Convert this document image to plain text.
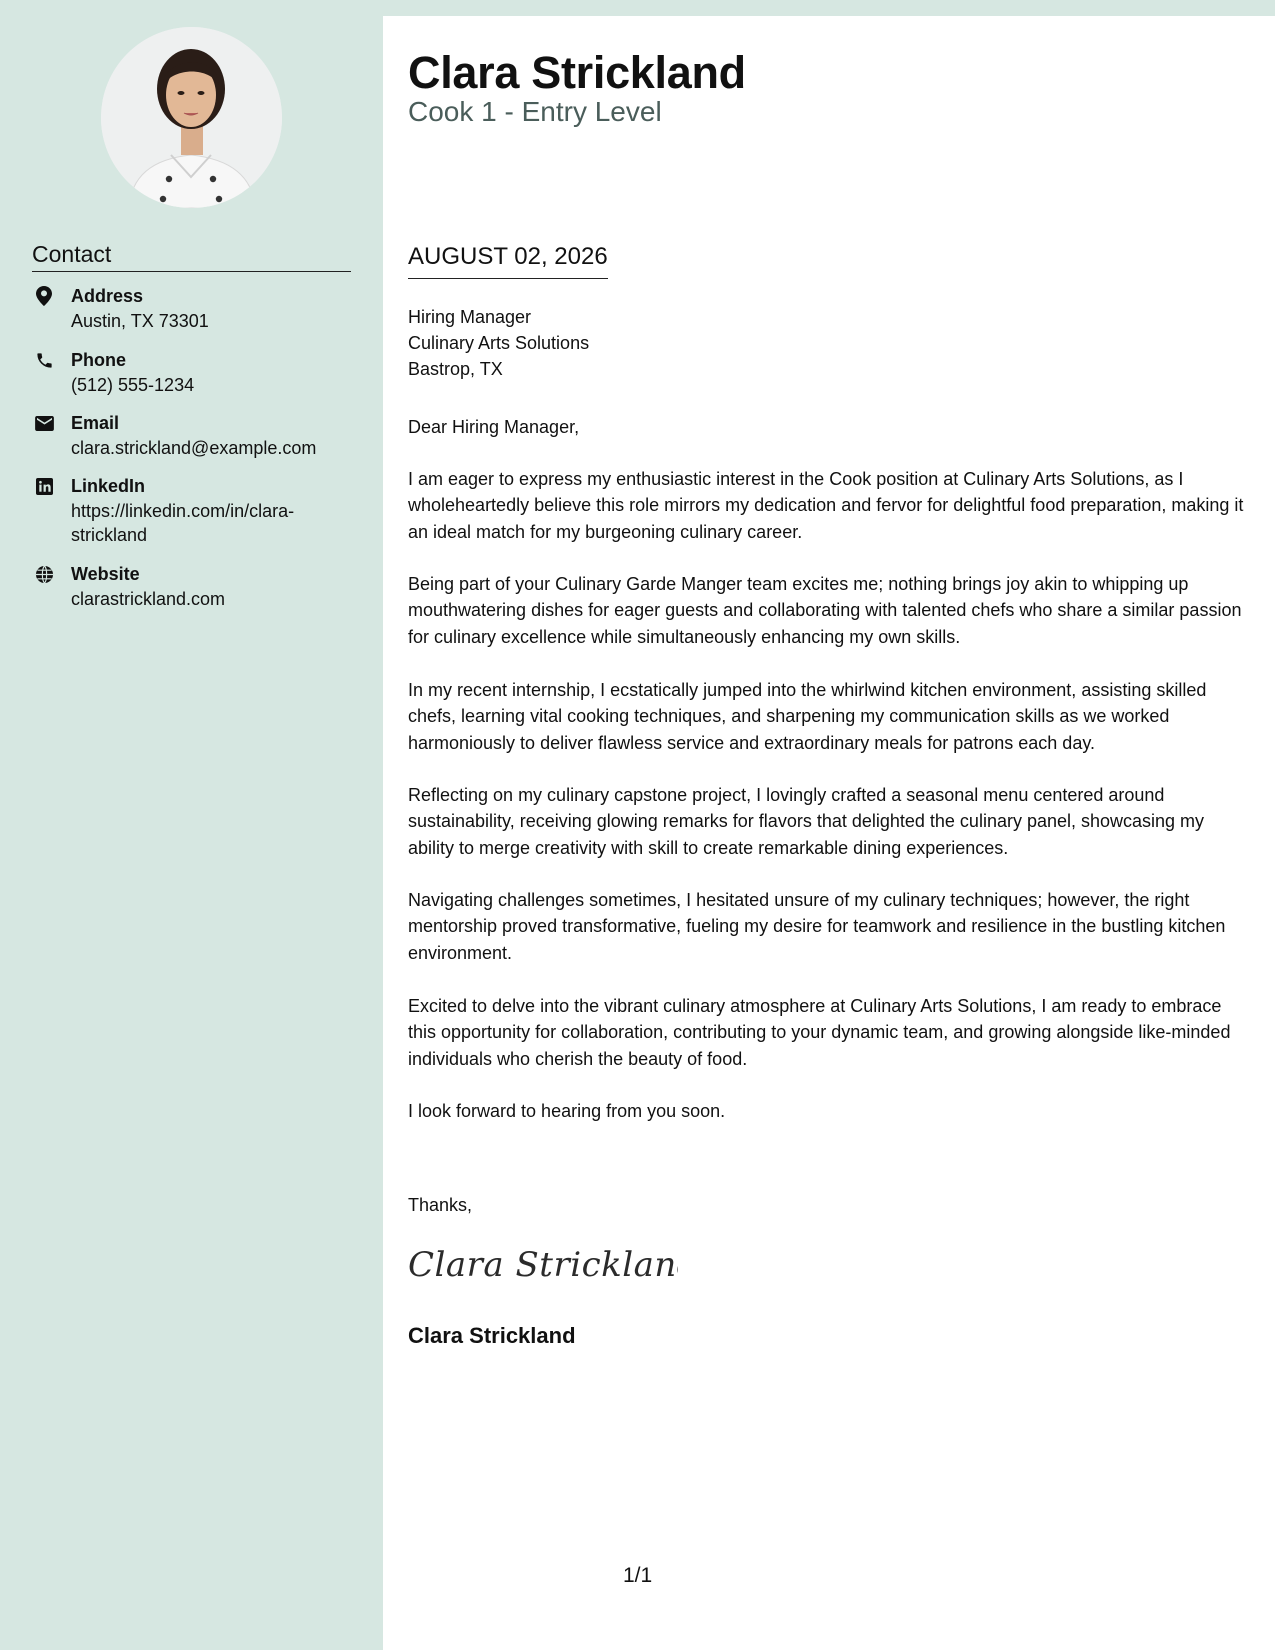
Contact
Address
Austin, TX 73301
Phone
(512) 555-1234
Email
clara.strickland@example.com
LinkedIn
https://linkedin.com/in/clara-strickland
Website
clarastrickland.com
Clara Strickland
Cook 1 - Entry Level
AUGUST 02, 2026
Hiring Manager
Culinary Arts Solutions
Bastrop, TX
Dear Hiring Manager,
I am eager to express my enthusiastic interest in the Cook position at Culinary Arts Solutions, as I wholeheartedly believe this role mirrors my dedication and fervor for delightful food preparation, making it an ideal match for my burgeoning culinary career.
Being part of your Culinary Garde Manger team excites me; nothing brings joy akin to whipping up mouthwatering dishes for eager guests and collaborating with talented chefs who share a similar passion for culinary excellence while simultaneously enhancing my own skills.
In my recent internship, I ecstatically jumped into the whirlwind kitchen environment, assisting skilled chefs, learning vital cooking techniques, and sharpening my communication skills as we worked harmoniously to deliver flawless service and extraordinary meals for patrons each day.
Reflecting on my culinary capstone project, I lovingly crafted a seasonal menu centered around sustainability, receiving glowing remarks for flavors that delighted the culinary panel, showcasing my ability to merge creativity with skill to create remarkable dining experiences.
Navigating challenges sometimes, I hesitated unsure of my culinary techniques; however, the right mentorship proved transformative, fueling my desire for teamwork and resilience in the bustling kitchen environment.
Excited to delve into the vibrant culinary atmosphere at Culinary Arts Solutions, I am ready to embrace this opportunity for collaboration, contributing to your dynamic team, and growing alongside like-minded individuals who cherish the beauty of food.
I look forward to hearing from you soon.
Thanks,
Clara Strickland
Clara Strickland
1/1
